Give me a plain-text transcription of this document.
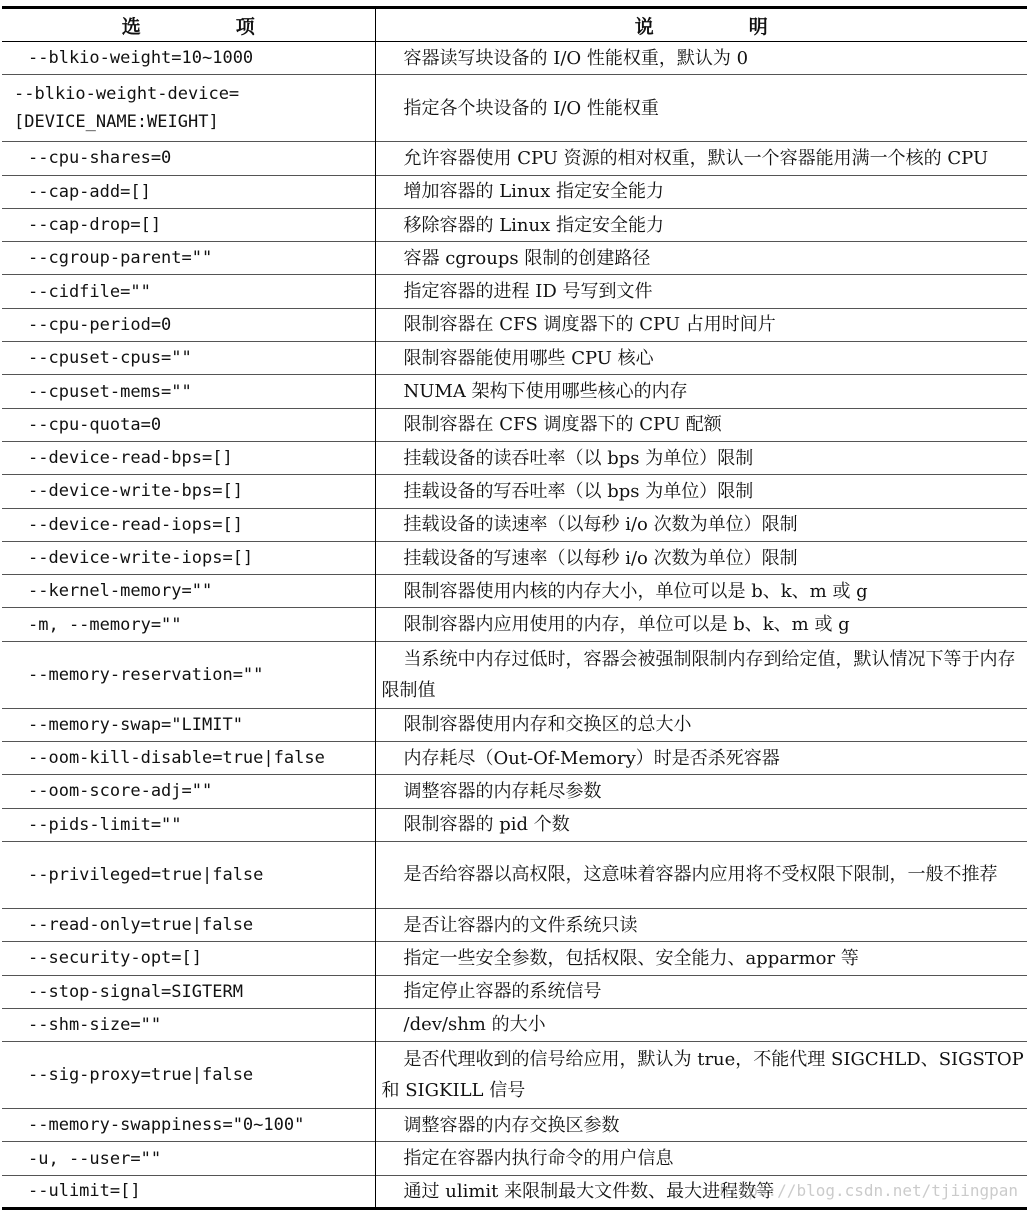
选　项	说　明
--blkio-weight=10~1000	容器读写块设备的 I/O 性能权重，默认为 0

--blkio-weight-device=
[DEVICE_NAME:WEIGHT]	指定各个块设备的 I/O 性能权重

--cpu-shares=0	允许容器使用 CPU 资源的相对权重，默认一个容器能用满一个核的 CPU

--cap-add=[]	增加容器的 Linux 指定安全能力

--cap-drop=[]	移除容器的 Linux 指定安全能力

--cgroup-parent=""	容器 cgroups 限制的创建路径

--cidfile=""	指定容器的进程 ID 号写到文件

--cpu-period=0	限制容器在 CFS 调度器下的 CPU 占用时间片

--cpuset-cpus=""	限制容器能使用哪些 CPU 核心

--cpuset-mems=""	NUMA 架构下使用哪些核心的内存

--cpu-quota=0	限制容器在 CFS 调度器下的 CPU 配额

--device-read-bps=[]	挂载设备的读吞吐率（以 bps 为单位）限制

--device-write-bps=[]	挂载设备的写吞吐率（以 bps 为单位）限制

--device-read-iops=[]	挂载设备的读速率（以每秒 i/o 次数为单位）限制

--device-write-iops=[]	挂载设备的写速率（以每秒 i/o 次数为单位）限制

--kernel-memory=""	限制容器使用内核的内存大小，单位可以是 b、k、m 或 g

-m, --memory=""	限制容器内应用使用的内存，单位可以是 b、k、m 或 g

--memory-reservation=""	当系统中内存过低时，容器会被强制限制内存到给定值，默认情况下等于内存限制值

--memory-swap="LIMIT"	限制容器使用内存和交换区的总大小

--oom-kill-disable=true|false	内存耗尽（Out-Of-Memory）时是否杀死容器

--oom-score-adj=""	调整容器的内存耗尽参数

--pids-limit=""	限制容器的 pid 个数

--privileged=true|false	是否给容器以高权限，这意味着容器内应用将不受权限下限制，一般不推荐

--read-only=true|false	是否让容器内的文件系统只读

--security-opt=[]	指定一些安全参数，包括权限、安全能力、apparmor 等

--stop-signal=SIGTERM	指定停止容器的系统信号

--shm-size=""	/dev/shm 的大小

--sig-proxy=true|false	是否代理收到的信号给应用，默认为 true，不能代理 SIGCHLD、SIGSTOP 和 SIGKILL 信号

--memory-swappiness="0~100"	调整容器的内存交换区参数

-u, --user=""	指定在容器内执行命令的用户信息

--ulimit=[]	通过 ulimit 来限制最大文件数、最大进程数等
https://blog.csdn.net/tjiingpan
